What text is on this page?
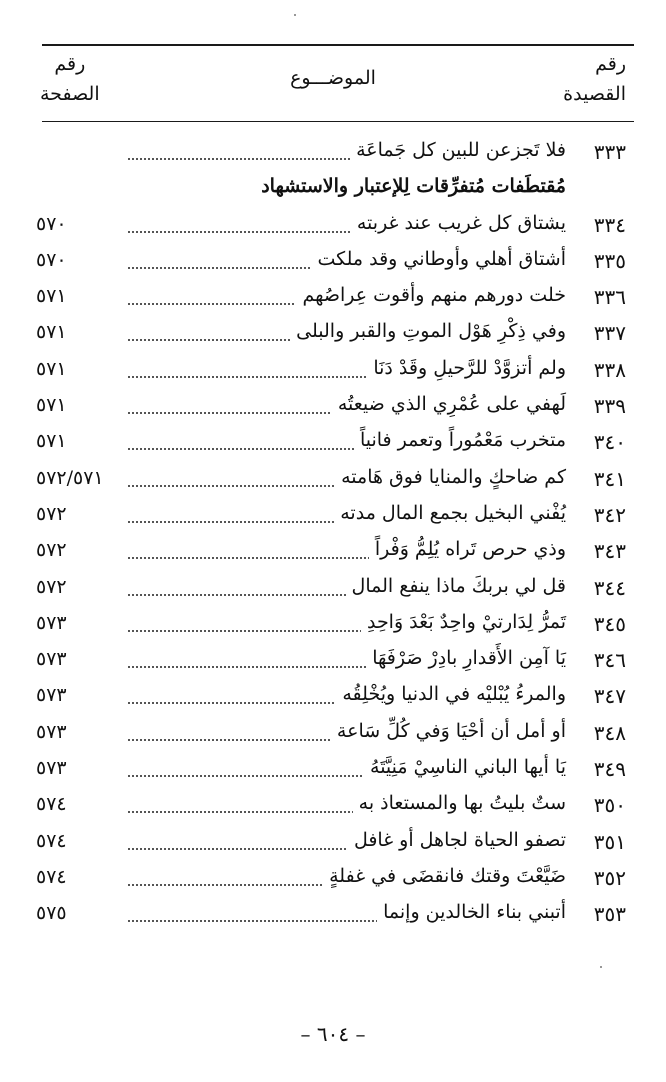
رقم
القصيدة
الموضـــوع
رقم
الصفحة
٣٣٣
فلا تَجزعن للبين كل جَماعَة
مُقتطَفات مُتفرِّقات لِلإعتبار والاستشهاد
٣٣٤
يشتاق كل غريب عند غربته
٥٧٠
٣٣٥
أشتاق أهلي وأوطاني وقد ملكت
٥٧٠
٣٣٦
خلت دورهم منهم وأقوت عِراصُهم
٥٧١
٣٣٧
وفي ذِكْرِ هَوْل الموتِ والقبر والبلى
٥٧١
٣٣٨
ولم أتزوَّدْ للرَّحيلِ وقَدْ دَنَا
٥٧١
٣٣٩
لَهفي على عُمْرِي الذي ضيعتُه
٥٧١
٣٤٠
متخرب مَعْمُوراً وتعمر فانياً
٥٧١
٣٤١
كم ضاحكٍ والمنايا فوق هَامته
٥٧٢/٥٧١
٣٤٢
يُفْني البخيل بجمع المال مدته
٥٧٢
٣٤٣
وذي حرص تَراه يُلِمُّ وَفْراً
٥٧٢
٣٤٤
قل لي بربكَ ماذا ينفع المال
٥٧٢
٣٤٥
تَمرُّ لِدَارتيْ واحِدٌ بَعْدَ وَاحِدِ
٥٧٣
٣٤٦
يَا آمِن الأَقدارِ بادِرْ صَرْفَهَا
٥٧٣
٣٤٧
والمرءُ يُبْليْه في الدنيا ويُخْلِقُه
٥٧٣
٣٤٨
أو أمل أن أحْيَا وَفي كُلِّ سَاعة
٥٧٣
٣٤٩
يَا أيها الباني الناسِيْ مَنِيَّتَهُ
٥٧٣
٣٥٠
ستٌ بليتُ بها والمستعاذ به
٥٧٤
٣٥١
تصفو الحياة لجاهل أو غافل
٥٧٤
٣٥٢
ضَيَّعْتَ وقتك فانقضَى في غفلةٍ
٥٧٤
٣٥٣
أتبني بناء الخالدين وإنما
٥٧٥
– ٦٠٤ –
